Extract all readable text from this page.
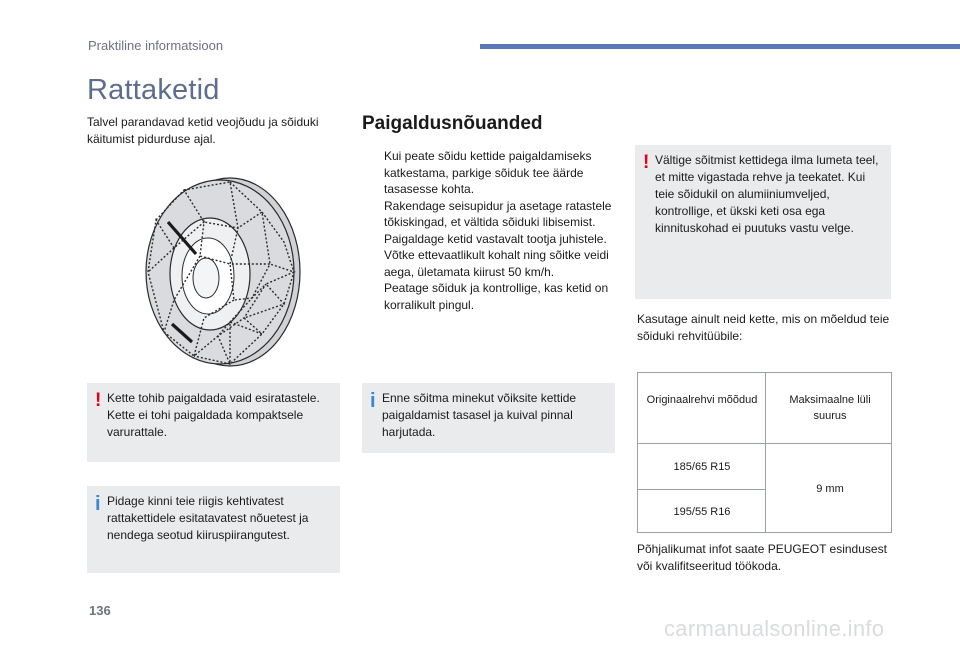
Praktiline informatsioon
Rattaketid

Talvel parandavad ketid veojõudu ja sõiduki käitumist pidurduse ajal.

! Kette tohib paigaldada vaid esiratastele. Kette ei tohi paigaldada kompaktsele varurattale.

i Pidage kinni teie riigis kehtivatest rattakettidele esitatavatest nõuetest ja nendega seotud kiiruspiirangutest.

Paigaldusnõuanded
Kui peate sõidu kettide paigaldamiseks katkestama, parkige sõiduk tee äärde tasasesse kohta.
Rakendage seisupidur ja asetage ratastele tõkiskingad, et vältida sõiduki libisemist.
Paigaldage ketid vastavalt tootja juhistele.
Võtke ettevaatlikult kohalt ning sõitke veidi aega, ületamata kiirust 50 km/h.
Peatage sõiduk ja kontrollige, kas ketid on korralikult pingul.
i Enne sõitma minekut võiksite kettide paigaldamist tasasel ja kuival pinnal harjutada.

! Vältige sõitmist kettidega ilma lumeta teel, et mitte vigastada rehve ja teekatet. Kui teie sõidukil on alumiiniumveljed, kontrollige, et ükski keti osa ega kinnituskohad ei puutuks vastu velge.

Kasutage ainult neid kette, mis on mõeldud teie sõiduki rehvitüübile:

Originaalrehvi mõõdud	Maksimaalne lüli suurus
185/65 R15
195/55 R16
9 mm

Põhjalikumat infot saate PEUGEOT esindusest või kvalifitseeritud töökoda.

136
carmanualsonline.info
